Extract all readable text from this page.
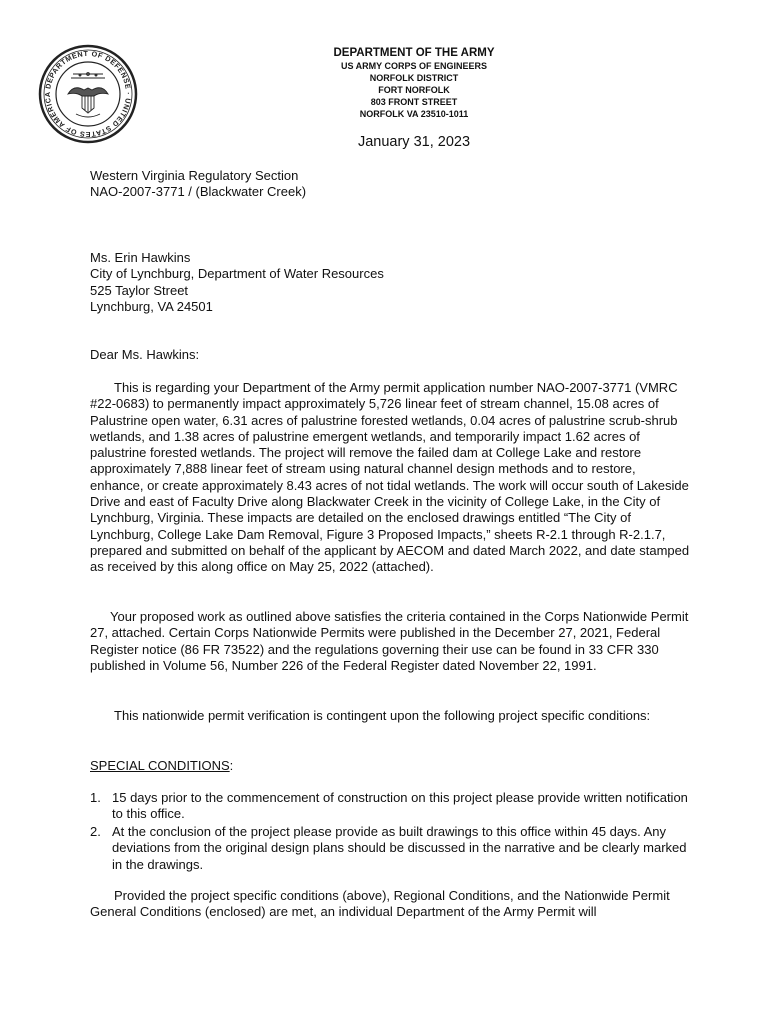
DEPARTMENT OF DEFENSE · UNITED STATES OF AMERICA
DEPARTMENT OF THE ARMY
US ARMY CORPS OF ENGINEERS
NORFOLK DISTRICT
FORT NORFOLK
803 FRONT STREET
NORFOLK VA 23510-1011
January 31, 2023
Western Virginia Regulatory Section
NAO-2007-3771 / (Blackwater Creek)
Ms. Erin Hawkins
City of Lynchburg, Department of Water Resources
525 Taylor Street
Lynchburg, VA 24501
Dear Ms. Hawkins:
This is regarding your Department of the Army permit application number NAO-2007-3771 (VMRC #22-0683) to permanently impact approximately 5,726 linear feet of stream channel, 15.08 acres of Palustrine open water, 6.31 acres of palustrine forested wetlands, 0.04 acres of palustrine scrub-shrub wetlands, and 1.38 acres of palustrine emergent wetlands, and temporarily impact 1.62 acres of palustrine forested wetlands. The project will remove the failed dam at College Lake and restore approximately 7,888 linear feet of stream using natural channel design methods and to restore, enhance, or create approximately 8.43 acres of not tidal wetlands. The work will occur south of Lakeside Drive and east of Faculty Drive along Blackwater Creek in the vicinity of College Lake, in the City of Lynchburg, Virginia. These impacts are detailed on the enclosed drawings entitled “The City of Lynchburg, College Lake Dam Removal, Figure 3 Proposed Impacts,” sheets R-2.1 through R-2.1.7, prepared and submitted on behalf of the applicant by AECOM and dated March 2022, and date stamped as received by this along office on May 25, 2022 (attached).
Your proposed work as outlined above satisfies the criteria contained in the Corps Nationwide Permit 27, attached. Certain Corps Nationwide Permits were published in the December 27, 2021, Federal Register notice (86 FR 73522) and the regulations governing their use can be found in 33 CFR 330 published in Volume 56, Number 226 of the Federal Register dated November 22, 1991.
This nationwide permit verification is contingent upon the following project specific conditions:
SPECIAL CONDITIONS:
1. 15 days prior to the commencement of construction on this project please provide written notification to this office.
2. At the conclusion of the project please provide as built drawings to this office within 45 days. Any deviations from the original design plans should be discussed in the narrative and be clearly marked in the drawings.
Provided the project specific conditions (above), Regional Conditions, and the Nationwide Permit General Conditions (enclosed) are met, an individual Department of the Army Permit will
